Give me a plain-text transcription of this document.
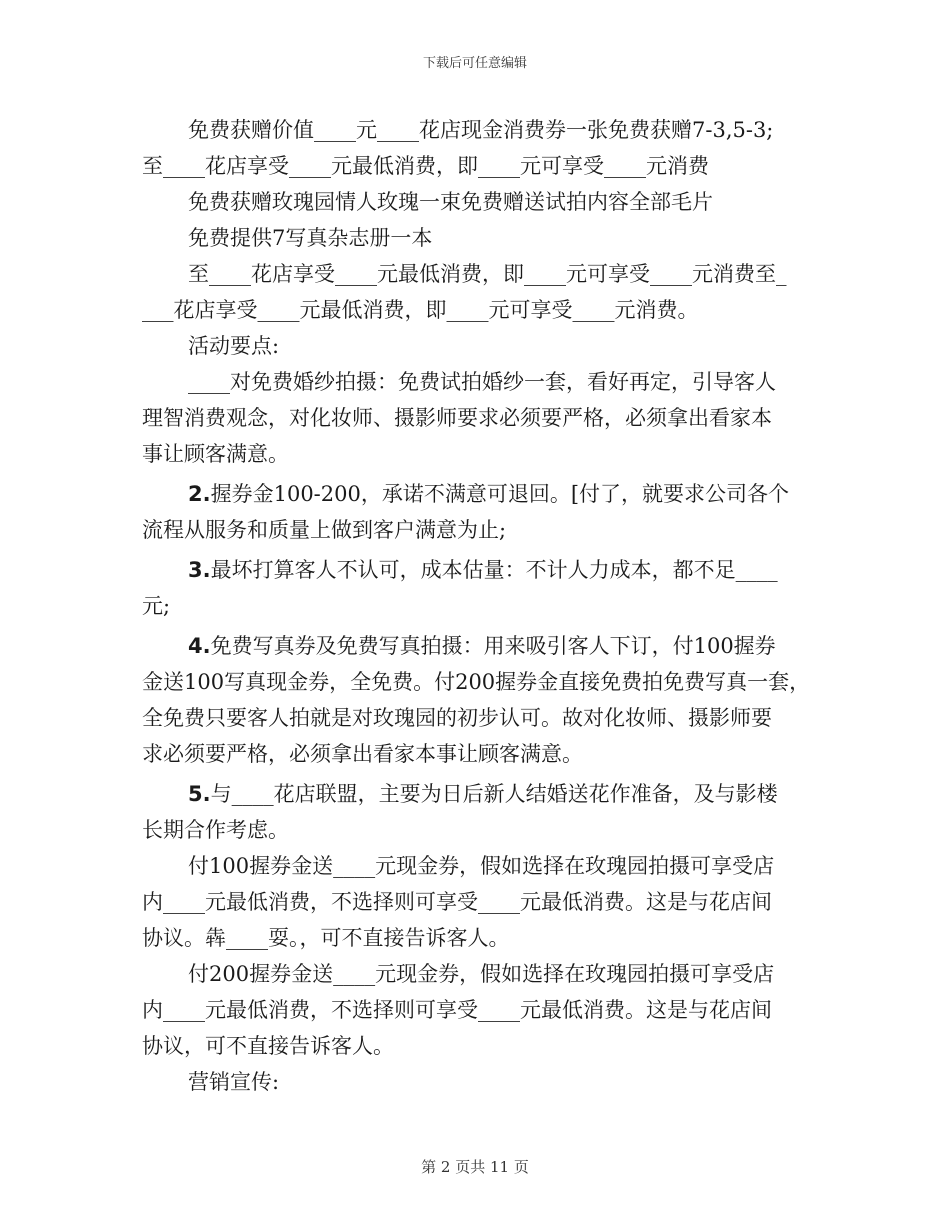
下载后可任意编辑
免费获赠价值____元____花店现金消费券一张免费获赠7-3,5-3;
至____花店享受____元最低消费，即____元可享受____元消费
免费获赠玫瑰园情人玫瑰一束免费赠送试拍内容全部毛片
免费提供7写真杂志册一本
至____花店享受____元最低消费，即____元可享受____元消费至_
___花店享受____元最低消费，即____元可享受____元消费。
活动要点:
____对免费婚纱拍摄：免费试拍婚纱一套，看好再定，引导客人
理智消费观念，对化妆师、摄影师要求必须要严格，必须拿出看家本
事让顾客满意。
2.握券金100-200，承诺不满意可退回。[付了，就要求公司各个
流程从服务和质量上做到客户满意为止;
3.最坏打算客人不认可，成本估量：不计人力成本，都不足____
元;
4.免费写真券及免费写真拍摄：用来吸引客人下订，付100握券
金送100写真现金券，全免费。付200握券金直接免费拍免费写真一套，
全免费只要客人拍就是对玫瑰园的初步认可。故对化妆师、摄影师要
求必须要严格，必须拿出看家本事让顾客满意。
5.与____花店联盟，主要为日后新人结婚送花作准备，及与影楼
长期合作考虑。
付100握券金送____元现金券，假如选择在玫瑰园拍摄可享受店
内____元最低消费，不选择则可享受____元最低消费。这是与花店间
协议。犇____耍。，可不直接告诉客人。
付200握券金送____元现金券，假如选择在玫瑰园拍摄可享受店
内____元最低消费，不选择则可享受____元最低消费。这是与花店间
协议，可不直接告诉客人。
营销宣传:
第 2 页共 11 页
